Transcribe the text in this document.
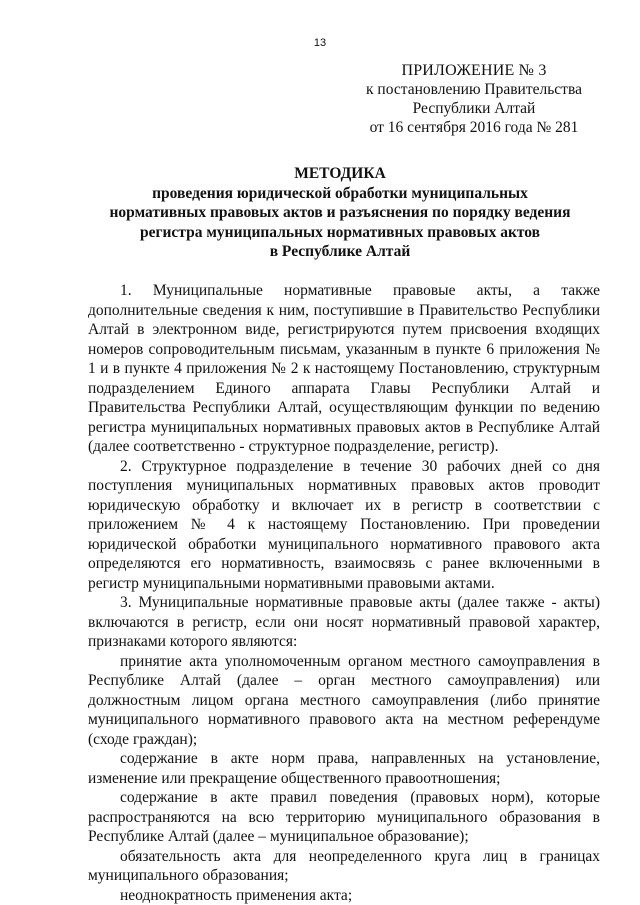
13
ПРИЛОЖЕНИЕ № 3
к постановлению Правительства
Республики Алтай
от 16 сентября 2016 года № 281
МЕТОДИКА
проведения юридической обработки муниципальных
нормативных правовых актов и разъяснения по порядку ведения
регистра муниципальных нормативных правовых актов
в Республике Алтай

1. Муниципальные нормативные правовые акты, а также дополнительные сведения к ним, поступившие в Правительство Республики Алтай в электронном виде, регистрируются путем присвоения входящих номеров сопроводительным письмам, указанным в пункте 6 приложения № 1 и в пункте 4 приложения № 2 к настоящему Постановлению, структурным подразделением Единого аппарата Главы Республики Алтай и Правительства Республики Алтай, осуществляющим функции по ведению регистра муниципальных нормативных правовых актов в Республике Алтай (далее соответственно - структурное подразделение, регистр).

2. Структурное подразделение в течение 30 рабочих дней со дня поступления муниципальных нормативных правовых актов проводит юридическую обработку и включает их в регистр в соответствии с приложением № 4 к настоящему Постановлению. При проведении юридической обработки муниципального нормативного правового акта определяются его нормативность, взаимосвязь с ранее включенными в регистр муниципальными нормативными правовыми актами.

3. Муниципальные нормативные правовые акты (далее также - акты) включаются в регистр, если они носят нормативный правовой характер, признаками которого являются:

принятие акта уполномоченным органом местного самоуправления в Республике Алтай (далее – орган местного самоуправления) или должностным лицом органа местного самоуправления (либо принятие муниципального нормативного правового акта на местном референдуме (сходе граждан);

содержание в акте норм права, направленных на установление, изменение или прекращение общественного правоотношения;

содержание в акте правил поведения (правовых норм), которые распространяются на всю территорию муниципального образования в Республике Алтай (далее – муниципальное образование);

обязательность акта для неопределенного круга лиц в границах муниципального образования;

неоднократность применения акта;
